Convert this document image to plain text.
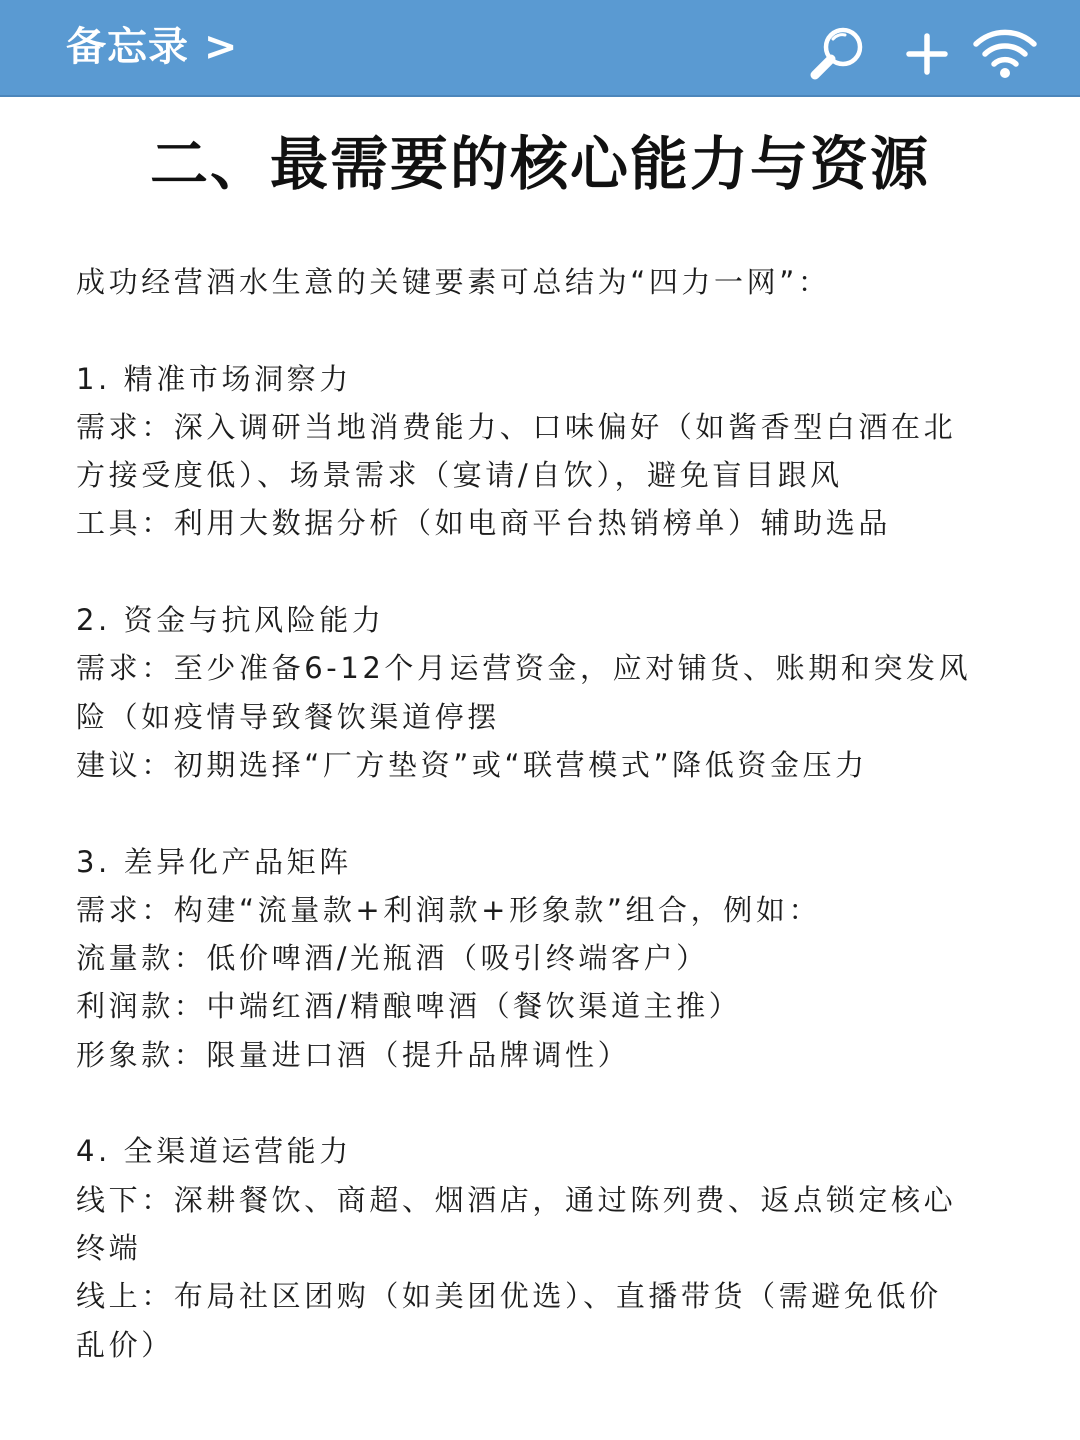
备忘录 >
二、最需要的核心能力与资源
成功经营酒水生意的关键要素可总结为“四力一网”：
1. 精准市场洞察力
需求：深入调研当地消费能力、口味偏好（如酱香型白酒在北
方接受度低）、场景需求（宴请/自饮），避免盲目跟风
工具：利用大数据分析（如电商平台热销榜单）辅助选品
2. 资金与抗风险能力
需求：至少准备6-12个月运营资金，应对铺货、账期和突发风
险（如疫情导致餐饮渠道停摆
建议：初期选择“厂方垫资”或“联营模式”降低资金压力
3. 差异化产品矩阵
需求：构建“流量款+利润款+形象款”组合，例如：
流量款：低价啤酒/光瓶酒（吸引终端客户）
利润款：中端红酒/精酿啤酒（餐饮渠道主推）
形象款：限量进口酒（提升品牌调性）
4. 全渠道运营能力
线下：深耕餐饮、商超、烟酒店，通过陈列费、返点锁定核心
终端
线上：布局社区团购（如美团优选）、直播带货（需避免低价
乱价）
